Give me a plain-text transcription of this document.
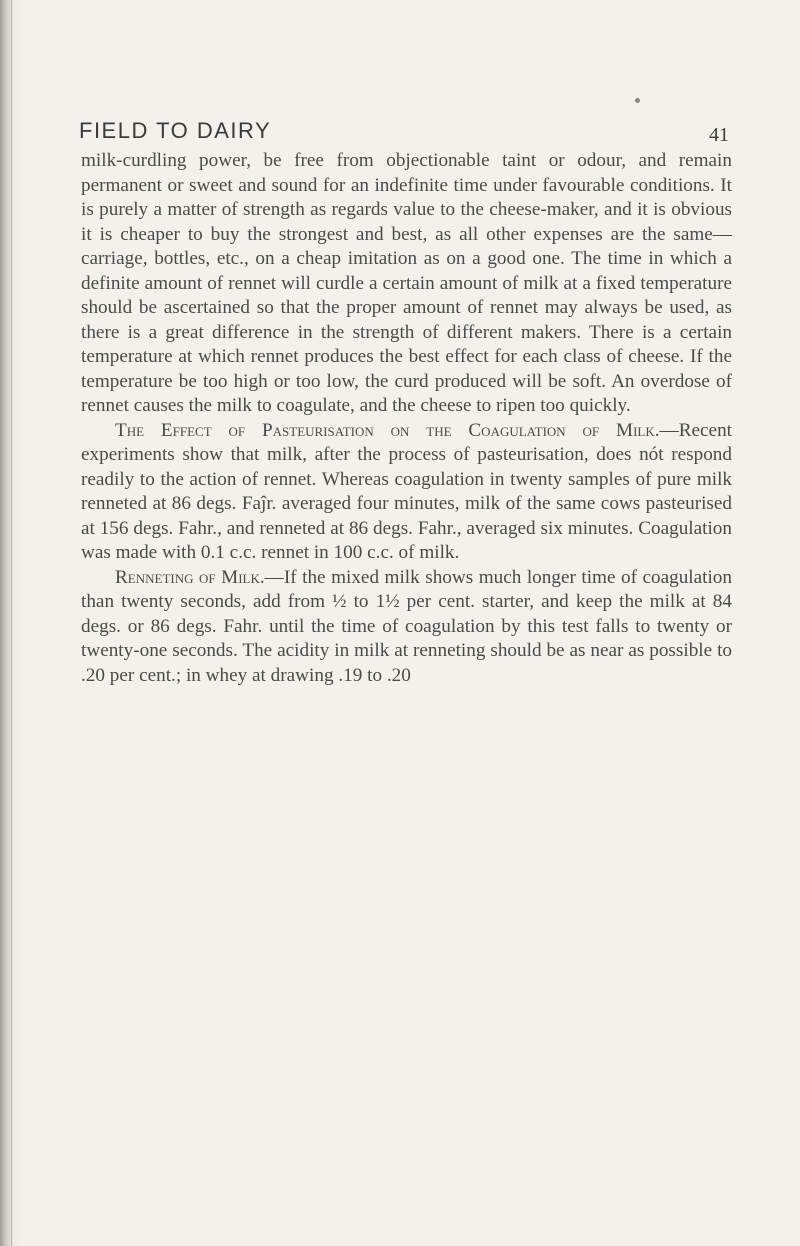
FIELD TO DAIRY	41

milk-curdling power, be free from objectionable taint or odour, and remain permanent or sweet and sound for an indefinite time under favourable conditions. It is purely a matter of strength as regards value to the cheese-maker, and it is obvious it is cheaper to buy the strongest and best, as all other expenses are the same—carriage, bottles, etc., on a cheap imitation as on a good one. The time in which a definite amount of rennet will curdle a certain amount of milk at a fixed temperature should be ascertained so that the proper amount of rennet may always be used, as there is a great difference in the strength of different makers. There is a certain temperature at which rennet produces the best effect for each class of cheese. If the temperature be too high or too low, the curd produced will be soft. An overdose of rennet causes the milk to coagulate, and the cheese to ripen too quickly.

The Effect of Pasteurisation on the Coagulation of Milk.—Recent experiments show that milk, after the process of pasteurisation, does nót respond readily to the action of rennet. Whereas coagulation in twenty samples of pure milk renneted at 86 degs. Faĵr. averaged four minutes, milk of the same cows pasteurised at 156 degs. Fahr., and renneted at 86 degs. Fahr., averaged six minutes. Coagulation was made with 0.1 c.c. rennet in 100 c.c. of milk.

Renneting of Milk.—If the mixed milk shows much longer time of coagulation than twenty seconds, add from ½ to 1½ per cent. starter, and keep the milk at 84 degs. or 86 degs. Fahr. until the time of coagulation by this test falls to twenty or twenty-one seconds. The acidity in milk at renneting should be as near as possible to .20 per cent.; in whey at drawing .19 to .20
